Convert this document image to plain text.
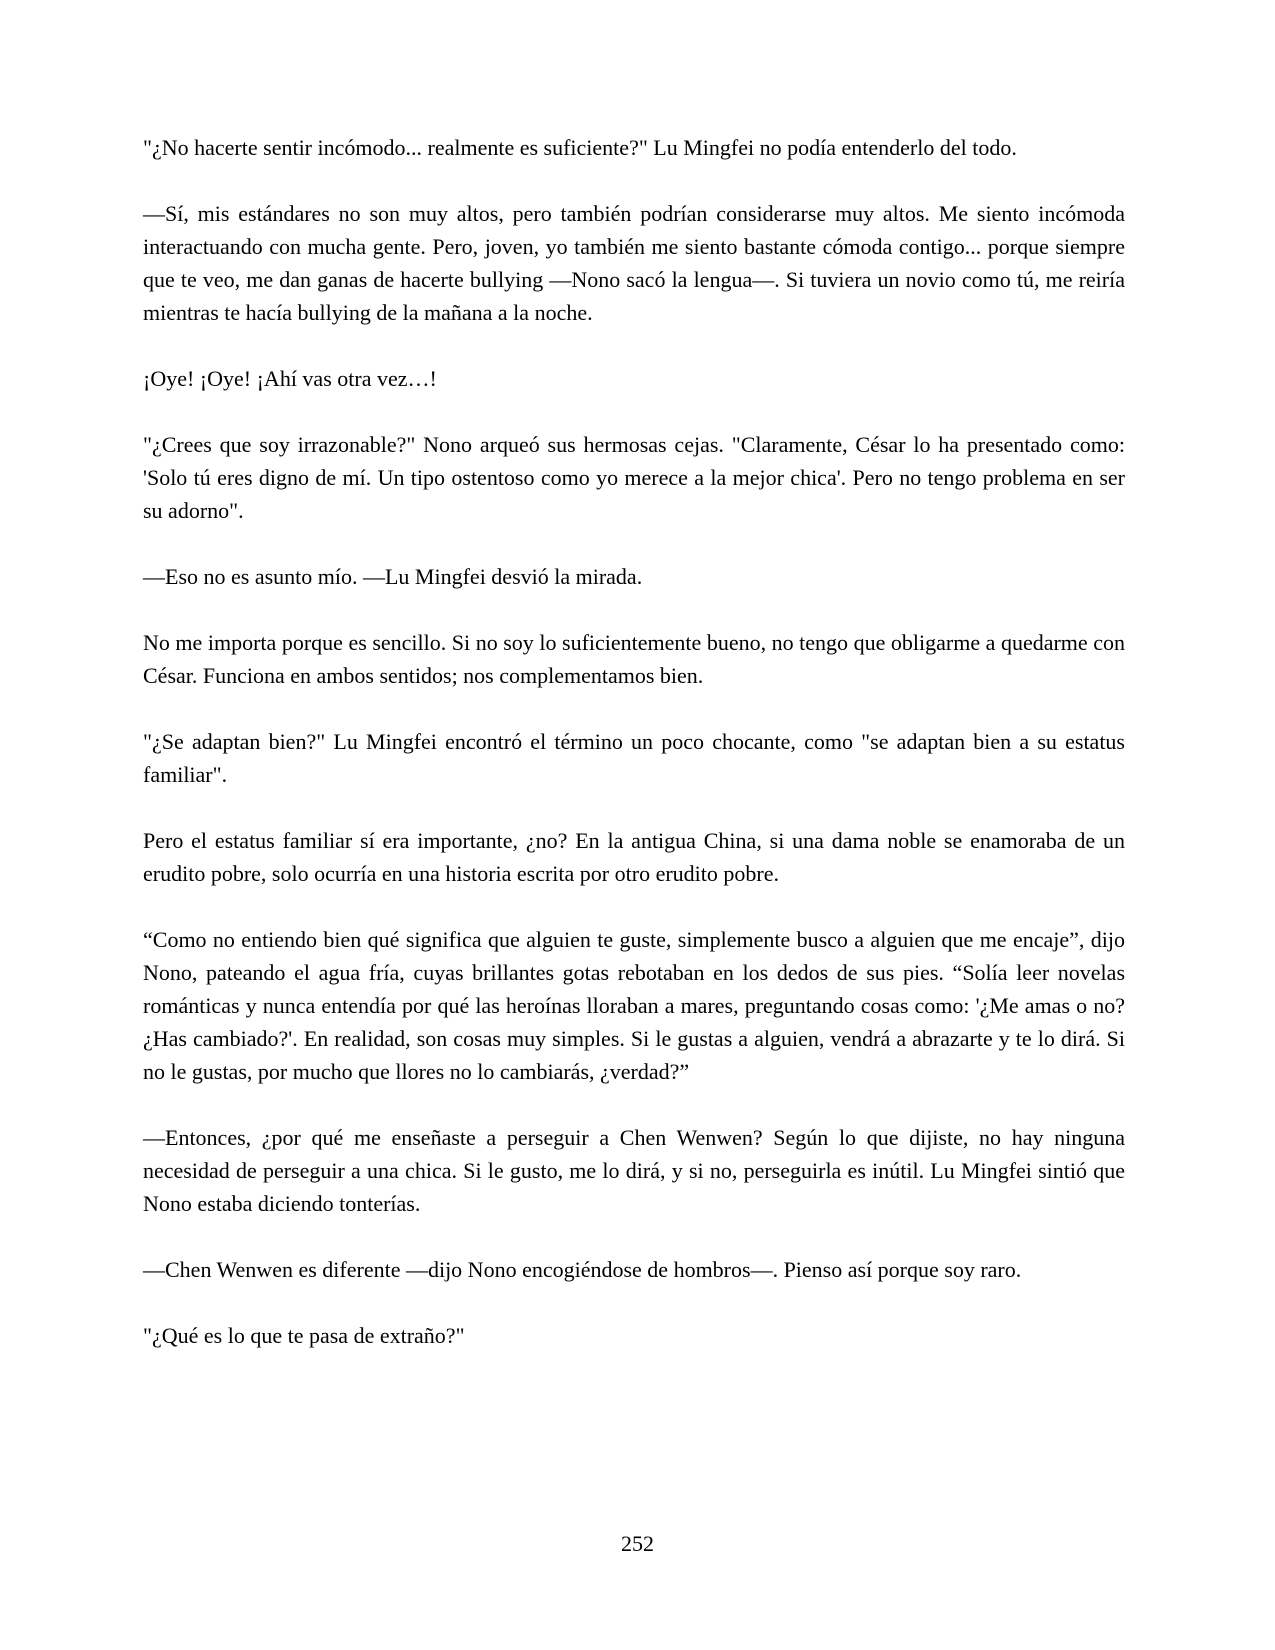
"¿No hacerte sentir incómodo... realmente es suficiente?" Lu Mingfei no podía entenderlo del todo.

—Sí, mis estándares no son muy altos, pero también podrían considerarse muy altos. Me siento incómoda interactuando con mucha gente. Pero, joven, yo también me siento bastante cómoda contigo... porque siempre que te veo, me dan ganas de hacerte bullying —Nono sacó la lengua—. Si tuviera un novio como tú, me reiría mientras te hacía bullying de la mañana a la noche.

¡Oye! ¡Oye! ¡Ahí vas otra vez…!

"¿Crees que soy irrazonable?" Nono arqueó sus hermosas cejas. "Claramente, César lo ha presentado como: 'Solo tú eres digno de mí. Un tipo ostentoso como yo merece a la mejor chica'. Pero no tengo problema en ser su adorno".

—Eso no es asunto mío. —Lu Mingfei desvió la mirada.

No me importa porque es sencillo. Si no soy lo suficientemente bueno, no tengo que obligarme a quedarme con César. Funciona en ambos sentidos; nos complementamos bien.

"¿Se adaptan bien?" Lu Mingfei encontró el término un poco chocante, como "se adaptan bien a su estatus familiar".

Pero el estatus familiar sí era importante, ¿no? En la antigua China, si una dama noble se enamoraba de un erudito pobre, solo ocurría en una historia escrita por otro erudito pobre.

“Como no entiendo bien qué significa que alguien te guste, simplemente busco a alguien que me encaje”, dijo Nono, pateando el agua fría, cuyas brillantes gotas rebotaban en los dedos de sus pies. “Solía leer novelas románticas y nunca entendía por qué las heroínas lloraban a mares, preguntando cosas como: '¿Me amas o no? ¿Has cambiado?'. En realidad, son cosas muy simples. Si le gustas a alguien, vendrá a abrazarte y te lo dirá. Si no le gustas, por mucho que llores no lo cambiarás, ¿verdad?”

—Entonces, ¿por qué me enseñaste a perseguir a Chen Wenwen? Según lo que dijiste, no hay ninguna necesidad de perseguir a una chica. Si le gusto, me lo dirá, y si no, perseguirla es inútil. Lu Mingfei sintió que Nono estaba diciendo tonterías.

—Chen Wenwen es diferente —dijo Nono encogiéndose de hombros—. Pienso así porque soy raro.

"¿Qué es lo que te pasa de extraño?"

252
